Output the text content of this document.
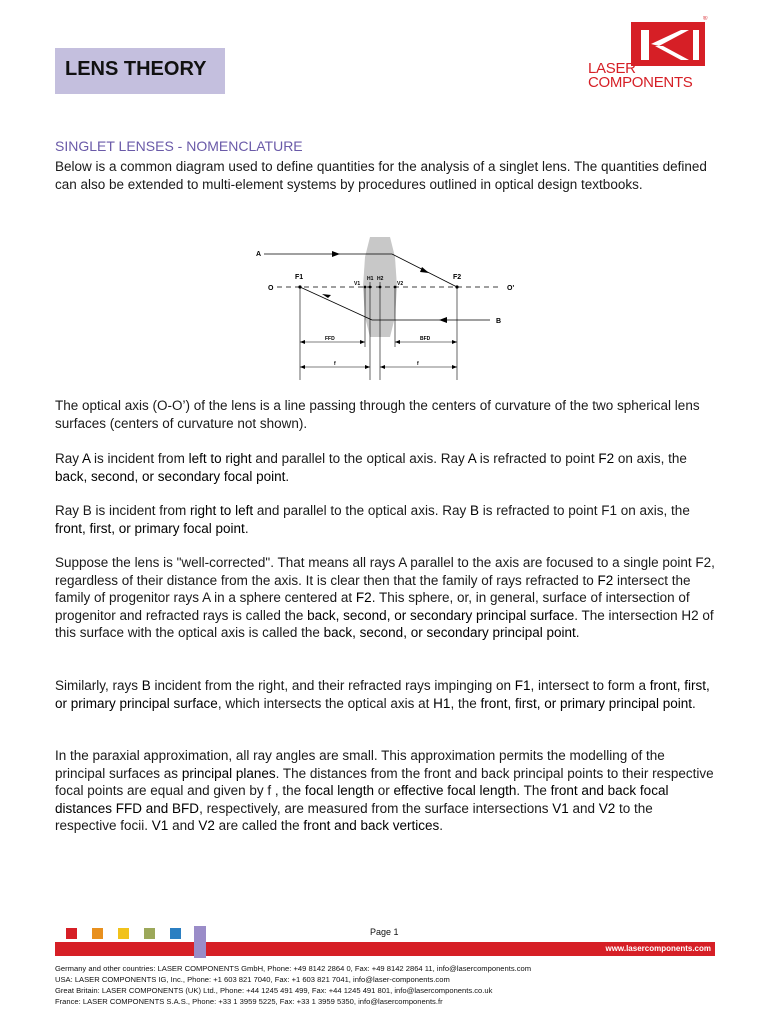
LENS THEORY
®
LASER
COMPONENTS
SINGLET LENSES - NOMENCLATURE
Below is a common diagram used to define quantities for the analysis of a singlet lens. The quantities defined can also be extended to multi-element systems by procedures outlined in optical design textbooks.
A
O	O'
B
F1	F2
V1	V2
H1 H2
FFD	BFD
f	f
The optical axis (O-O’) of the lens is a line passing through the centers of curvature of the two spherical lens surfaces (centers of curvature not shown).
Ray A is incident from left to right and parallel to the optical axis. Ray A is refracted to point F2 on axis, the back, second, or secondary focal point.
Ray B is incident from right to left and parallel to the optical axis. Ray B is refracted to point F1 on axis, the front, first, or primary focal point.
Suppose the lens is "well-corrected". That means all rays A parallel to the axis are focused to a single point F2, regardless of their distance from the axis. It is clear then that the family of rays refracted to F2 intersect the family of progenitor rays A in a sphere centered at F2. This sphere, or, in general, surface of intersection of progenitor and refracted rays is called the back, second, or secondary principal surface. The intersection H2 of this surface with the optical axis is called the back, second, or secondary principal point.
Similarly, rays B incident from the right, and their refracted rays impinging on F1, intersect to form a front, first, or primary principal surface, which intersects the optical axis at H1, the front, first, or primary principal point.
In the paraxial approximation, all ray angles are small. This approximation permits the modelling of the principal surfaces as principal planes. The distances from the front and back principal points to their respective focal points are equal and given by f , the focal length or effective focal length. The front and back focal distances FFD and BFD, respectively, are measured from the surface intersections V1 and V2 to the respective focii. V1 and V2 are called the front and back vertices.
Page 1
www.lasercomponents.com
Germany and other countries: LASER COMPONENTS GmbH, Phone: +49 8142 2864 0, Fax: +49 8142 2864 11, info@lasercomponents.com
USA: LASER COMPONENTS IG, Inc., Phone: +1 603 821 7040, Fax: +1 603 821 7041, info@laser-components.com
Great Britain: LASER COMPONENTS (UK) Ltd., Phone: +44 1245 491 499, Fax: +44 1245 491 801, info@lasercomponents.co.uk
France: LASER COMPONENTS S.A.S., Phone: +33 1 3959 5225, Fax: +33 1 3959 5350, info@lasercomponents.fr
